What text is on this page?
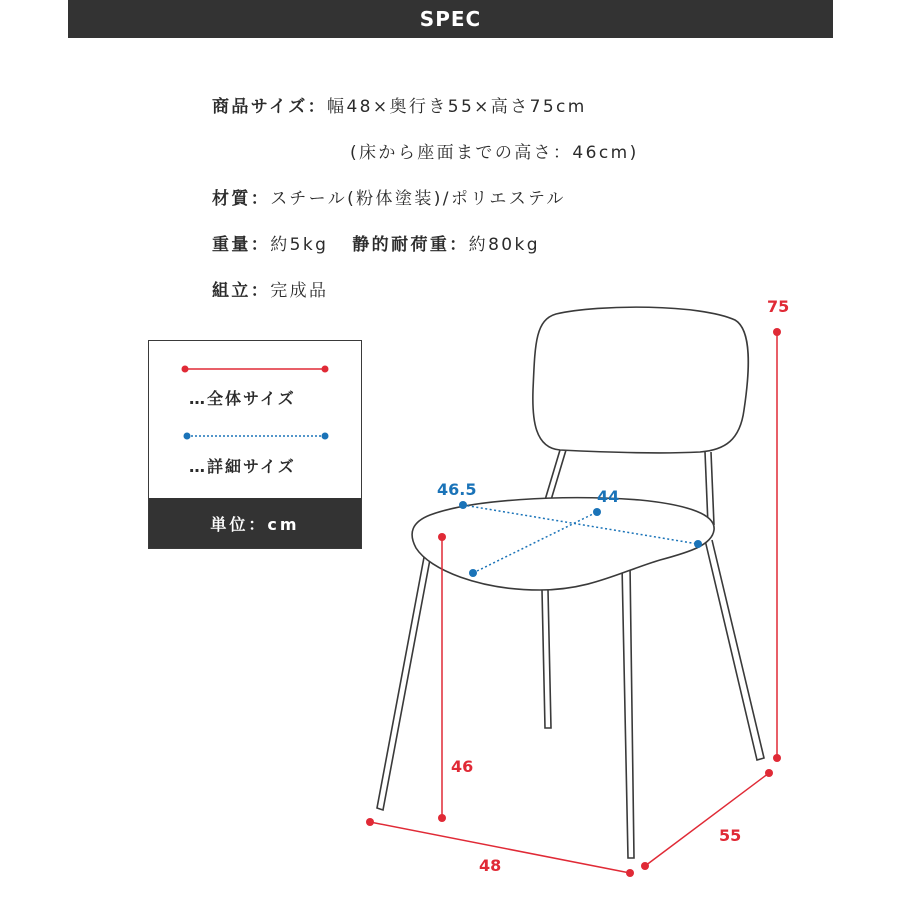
SPEC
商品サイズ：幅48×奥行き55×高さ75cm
(床から座面までの高さ：46cm)
材質：スチール(粉体塗装)/ポリエステル
重量：約5kg 静的耐荷重：約80kg
組立：完成品
…全体サイズ
…詳細サイズ
単位：cm
75
48
55
46
46.5	44
